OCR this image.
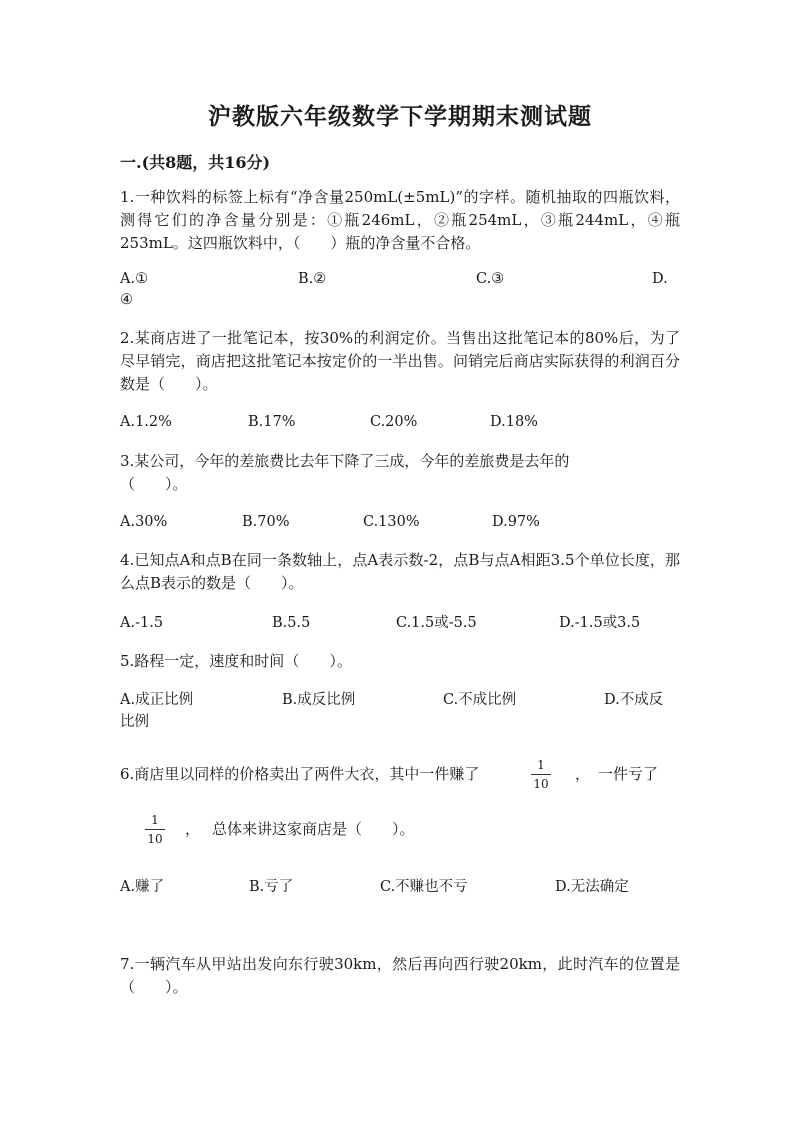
沪教版六年级数学下学期期末测试题
一.(共8题，共16分)
1.一种饮料的标签上标有“净含量250mL(±5mL)”的字样。随机抽取的四瓶饮料，测得它们的净含量分别是：①瓶246mL，②瓶254mL，③瓶244mL，④瓶253mL。这四瓶饮料中，（　　）瓶的净含量不合格。
A.①	B.②	C.③	D.
④
2.某商店进了一批笔记本，按30%的利润定价。当售出这批笔记本的80%后，为了尽早销完，商店把这批笔记本按定价的一半出售。问销完后商店实际获得的利润百分数是（　　）。
A.1.2%	B.17%	C.20%	D.18%
3.某公司，今年的差旅费比去年下降了三成，今年的差旅费是去年的
（　　）。
A.30%	B.70%	C.130%	D.97%
4.已知点A和点B在同一条数轴上，点A表示数-2，点B与点A相距3.5个单位长度，那么点B表示的数是（　　）。
A.-1.5	B.5.5	C.1.5或-5.5	D.-1.5或3.5
5.路程一定，速度和时间（　　）。
A.成正比例	B.成反比例	C.不成比例	D.不成反
比例
6.商店里以同样的价格卖出了两件大衣，其中一件赚了	1
10
， 一件亏了
1
10
， 总体来讲这家商店是（　　）。
A.赚了	B.亏了	C.不赚也不亏	D.无法确定
7.一辆汽车从甲站出发向东行驶30km，然后再向西行驶20km，此时汽车的位置是（　　）。
